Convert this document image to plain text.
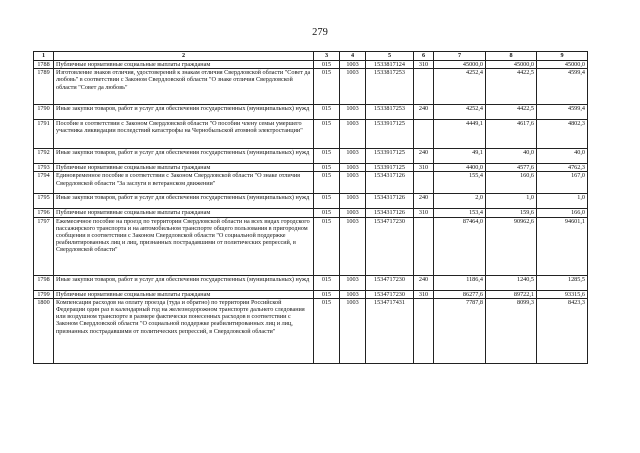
279
1	2	3	4	5	6	7	8	9
1788	Публичные нормативные социальные выплаты гражданам	015	1003	1533817124	310	45000,0	45000,0	45000,0
1789	Изготовление знаков отличия, удостоверений к знакам отличия Свердловской области "Совет да любовь" в соответствии с Законом Свердловской области "О знаке отличия Свердловской области "Совет да любовь"	015	1003	1533817253		4252,4	4422,5	4599,4
1790	Иные закупки товаров, работ и услуг для обеспечения государственных (муниципальных) нужд	015	1003	1533817253	240	4252,4	4422,5	4599,4
1791	Пособие в соответствии с Законом Свердловской области "О пособии члену семьи умершего участника ликвидации последствий катастрофы на Чернобыльской атомной электростанции"	015	1003	1533917125		4449,1	4617,6	4802,3
1792	Иные закупки товаров, работ и услуг для обеспечения государственных (муниципальных) нужд	015	1003	1533917125	240	49,1	40,0	40,0
1793	Публичные нормативные социальные выплаты гражданам	015	1003	1533917125	310	4400,0	4577,6	4762,3
1794	Единовременное пособие в соответствии с Законом Свердловской области "О знаке отличия Свердловской области "За заслуги в ветеранском движении"	015	1003	1534317126		155,4	160,6	167,0
1795	Иные закупки товаров, работ и услуг для обеспечения государственных (муниципальных) нужд	015	1003	1534317126	240	2,0	1,0	1,0
1796	Публичные нормативные социальные выплаты гражданам	015	1003	1534317126	310	153,4	159,6	166,0
1797	Ежемесячное пособие на проезд по территории Свердловской области на всех видах городского пассажирского транспорта и на автомобильном транспорте общего пользования в пригородном сообщении в соответствии с Законом Свердловской области "О социальной поддержке реабилитированных лиц и лиц, признанных пострадавшими от политических репрессий, в Свердловской области"	015	1003	1534717230		87464,0	90962,6	94601,1
1798	Иные закупки товаров, работ и услуг для обеспечения государственных (муниципальных) нужд	015	1003	1534717230	240	1186,4	1240,5	1285,5
1799	Публичные нормативные социальные выплаты гражданам	015	1003	1534717230	310	86277,6	89722,1	93315,6
1800	Компенсация расходов на оплату проезда (туда и обратно) по территории Российской Федерации один раз в календарный год на железнодорожном транспорте дальнего следования или воздушном транспорте в размере фактически понесенных расходов в соответствии с Законом Свердловской области "О социальной поддержке реабилитированных лиц и лиц, признанных пострадавшими от политических репрессий, в Свердловской области"	015	1003	1534717431		7787,8	8099,3	8423,3
